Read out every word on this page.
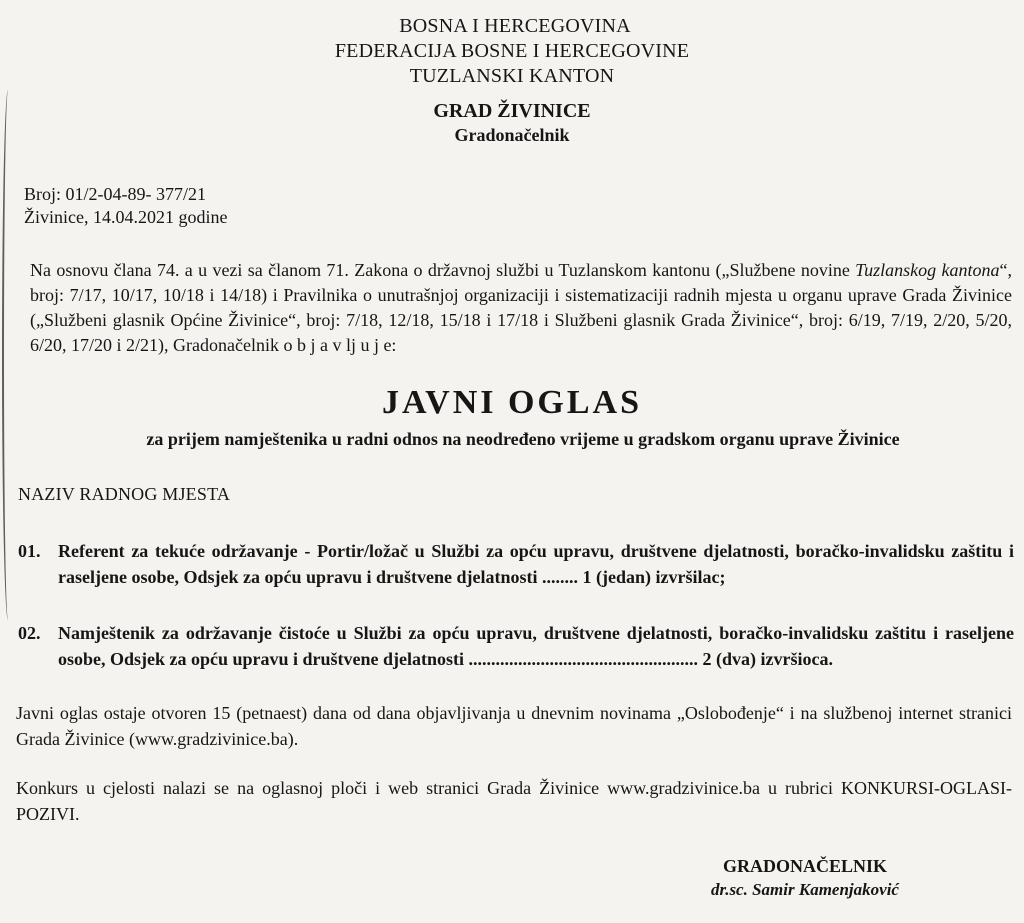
BOSNA I HERCEGOVINA
FEDERACIJA BOSNE I HERCEGOVINE
TUZLANSKI KANTON
GRAD ŽIVINICE
Gradonačelnik
Broj: 01/2-04-89- 377/21
Živinice, 14.04.2021 godine
Na osnovu člana 74. a u vezi sa članom 71. Zakona o državnoj službi u Tuzlanskom kantonu („Službene novine Tuzlanskog kantona“, broj: 7/17, 10/17, 10/18 i 14/18) i Pravilnika o unutrašnjoj organizaciji i sistematizaciji radnih mjesta u organu uprave Grada Živinice („Službeni glasnik Općine Živinice“, broj: 7/18, 12/18, 15/18 i 17/18 i Službeni glasnik Grada Živinice“, broj: 6/19, 7/19, 2/20, 5/20, 6/20, 17/20 i 2/21), Gradonačelnik o b j a v lj u j e:
JAVNI OGLAS
za prijem namještenika u radni odnos na neodređeno vrijeme u gradskom organu uprave Živinice
NAZIV RADNOG MJESTA
01. Referent za tekuće održavanje - Portir/ložač u Službi za opću upravu, društvene djelatnosti, boračko-invalidsku zaštitu i raseljene osobe, Odsjek za opću upravu i društvene djelatnosti ........ 1 (jedan) izvršilac;
02. Namještenik za održavanje čistoće u Službi za opću upravu, društvene djelatnosti, boračko-invalidsku zaštitu i raseljene osobe, Odsjek za opću upravu i društvene djelatnosti ................................................... 2 (dva) izvršioca.
Javni oglas ostaje otvoren 15 (petnaest) dana od dana objavljivanja u dnevnim novinama „Oslobođenje“ i na službenoj internet stranici Grada Živinice (www.gradzivinice.ba).
Konkurs u cjelosti nalazi se na oglasnoj ploči i web stranici Grada Živinice www.gradzivinice.ba u rubrici KONKURSI-OGLASI-POZIVI.
GRADONAČELNIK
dr.sc. Samir Kamenjaković
